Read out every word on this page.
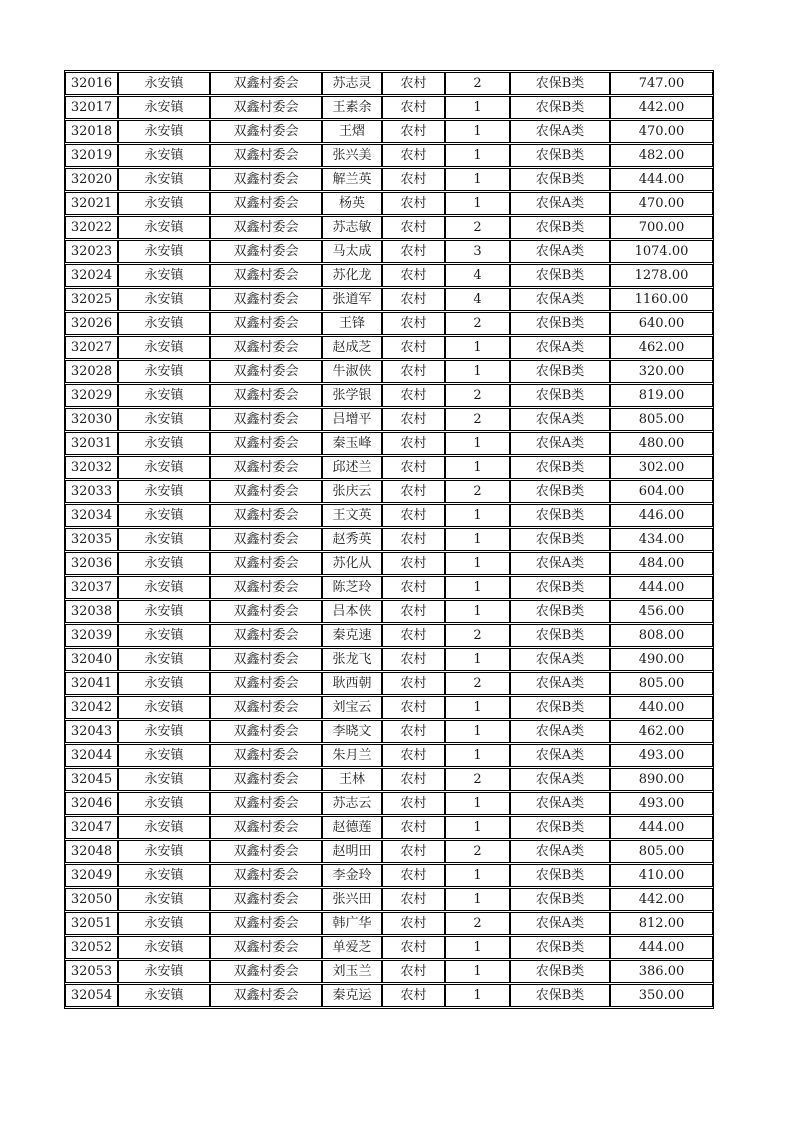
32016	永安镇	双鑫村委会	苏志灵	农村	2	农保B类	747.00
32017	永安镇	双鑫村委会	王素余	农村	1	农保B类	442.00
32018	永安镇	双鑫村委会	王熠	农村	1	农保A类	470.00
32019	永安镇	双鑫村委会	张兴美	农村	1	农保B类	482.00
32020	永安镇	双鑫村委会	解兰英	农村	1	农保B类	444.00
32021	永安镇	双鑫村委会	杨英	农村	1	农保A类	470.00
32022	永安镇	双鑫村委会	苏志敏	农村	2	农保B类	700.00
32023	永安镇	双鑫村委会	马太成	农村	3	农保A类	1074.00
32024	永安镇	双鑫村委会	苏化龙	农村	4	农保B类	1278.00
32025	永安镇	双鑫村委会	张道军	农村	4	农保A类	1160.00
32026	永安镇	双鑫村委会	王锋	农村	2	农保B类	640.00
32027	永安镇	双鑫村委会	赵成芝	农村	1	农保A类	462.00
32028	永安镇	双鑫村委会	牛淑侠	农村	1	农保B类	320.00
32029	永安镇	双鑫村委会	张学银	农村	2	农保B类	819.00
32030	永安镇	双鑫村委会	吕增平	农村	2	农保A类	805.00
32031	永安镇	双鑫村委会	秦玉峰	农村	1	农保A类	480.00
32032	永安镇	双鑫村委会	邱述兰	农村	1	农保B类	302.00
32033	永安镇	双鑫村委会	张庆云	农村	2	农保B类	604.00
32034	永安镇	双鑫村委会	王文英	农村	1	农保B类	446.00
32035	永安镇	双鑫村委会	赵秀英	农村	1	农保B类	434.00
32036	永安镇	双鑫村委会	苏化从	农村	1	农保A类	484.00
32037	永安镇	双鑫村委会	陈芝玲	农村	1	农保B类	444.00
32038	永安镇	双鑫村委会	吕本侠	农村	1	农保B类	456.00
32039	永安镇	双鑫村委会	秦克速	农村	2	农保B类	808.00
32040	永安镇	双鑫村委会	张龙飞	农村	1	农保A类	490.00
32041	永安镇	双鑫村委会	耿西朝	农村	2	农保A类	805.00
32042	永安镇	双鑫村委会	刘宝云	农村	1	农保B类	440.00
32043	永安镇	双鑫村委会	李晓文	农村	1	农保A类	462.00
32044	永安镇	双鑫村委会	朱月兰	农村	1	农保A类	493.00
32045	永安镇	双鑫村委会	王林	农村	2	农保A类	890.00
32046	永安镇	双鑫村委会	苏志云	农村	1	农保A类	493.00
32047	永安镇	双鑫村委会	赵德莲	农村	1	农保B类	444.00
32048	永安镇	双鑫村委会	赵明田	农村	2	农保A类	805.00
32049	永安镇	双鑫村委会	李金玲	农村	1	农保B类	410.00
32050	永安镇	双鑫村委会	张兴田	农村	1	农保B类	442.00
32051	永安镇	双鑫村委会	韩广华	农村	2	农保A类	812.00
32052	永安镇	双鑫村委会	单爱芝	农村	1	农保B类	444.00
32053	永安镇	双鑫村委会	刘玉兰	农村	1	农保B类	386.00
32054	永安镇	双鑫村委会	秦克运	农村	1	农保B类	350.00
